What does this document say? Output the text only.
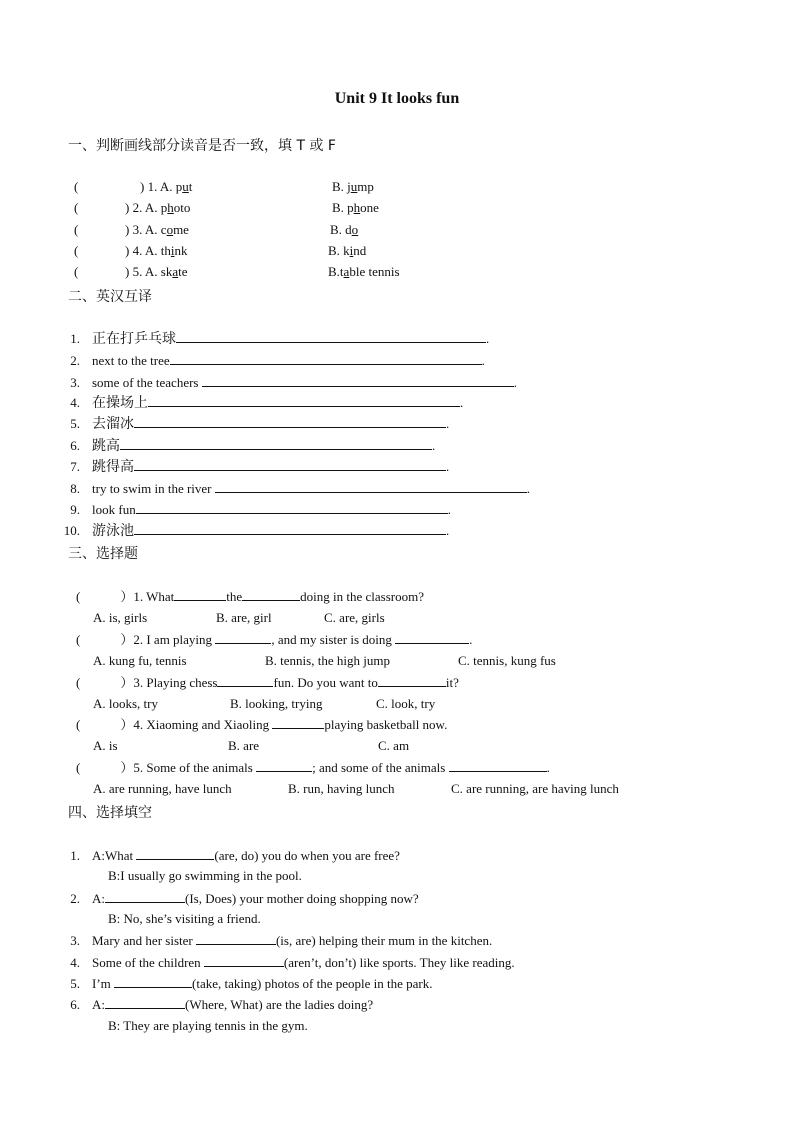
Unit 9 It looks fun
一、判断画线部分读音是否一致，填 T 或 F
(	) 1. A. put	B. jump
(	) 2. A. photo	B. phone
(	) 3. A. come	B. do
(	) 4. A. think	B. kind
(	) 5. A. skate	B.table tennis
二、英汉互译
1. 正在打乒乓球	.
2. next to the tree	.
3. some of the teachers	.
4. 在操场上	.
5. 去溜冰	.
6. 跳高	.
7. 跳得高	.
8. try to swim in the river	.
9. look fun	.
10. 游泳池	.
三、选择题
(	）1. What	the	doing in the classroom?
A. is, girls	B. are, girl	C. are, girls
(	）2. I am playing	, and my sister is doing	.
A. kung fu, tennis	B. tennis, the high jump	C. tennis, kung fus
(	）3. Playing chess	fun. Do you want to	it?
A. looks, try	B. looking, trying	C. look, try
(	）4. Xiaoming and Xiaoling	playing basketball now.
A. is	B. are	C. am
(	）5. Some of the animals	; and some of the animals	.
A. are running, have lunch	B. run, having lunch	C. are running, are having lunch
四、选择填空
1. A:What	(are, do) you do when you are free?
B:I usually go swimming in the pool.
2. A:	(Is, Does) your mother doing shopping now?
B: No, she’s visiting a friend.
3. Mary and her sister	(is, are) helping their mum in the kitchen.
4. Some of the children	(aren’t, don’t) like sports. They like reading.
5. I’m	(take, taking) photos of the people in the park.
6. A:	(Where, What) are the ladies doing?
B: They are playing tennis in the gym.
